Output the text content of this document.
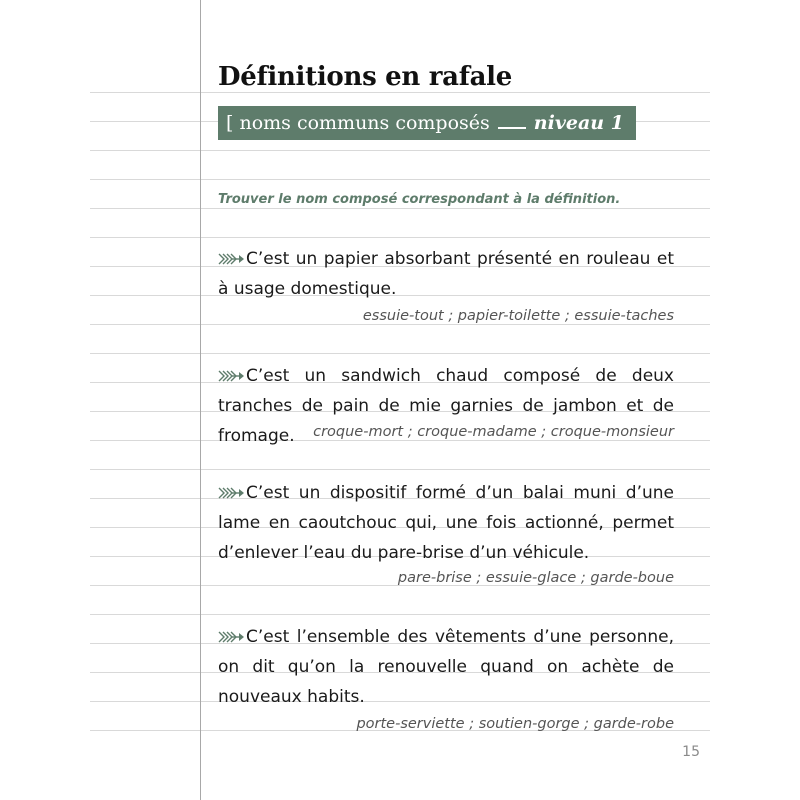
Définitions en rafale
[
noms communs composés niveau 1
Trouver le nom composé correspondant à la définition.

C’est un papier absorbant présenté en rouleau et à usage domestique.

essuie-tout ; papier-toilette ; essuie-taches

C’est un sandwich chaud composé de deux tranches de pain de mie garnies de jambon et de fromage.	croque-mort ; croque-madame ; croque-monsieur

C’est un dispositif formé d’un balai muni d’une lame en caoutchouc qui, une fois actionné, permet d’enlever l’eau du pare-brise d’un véhicule.

pare-brise ; essuie-glace ; garde-boue

C’est l’ensemble des vêtements d’une personne, on dit qu’on la renouvelle quand on achète de nouveaux habits.

porte-serviette ; soutien-gorge ; garde-robe
15
